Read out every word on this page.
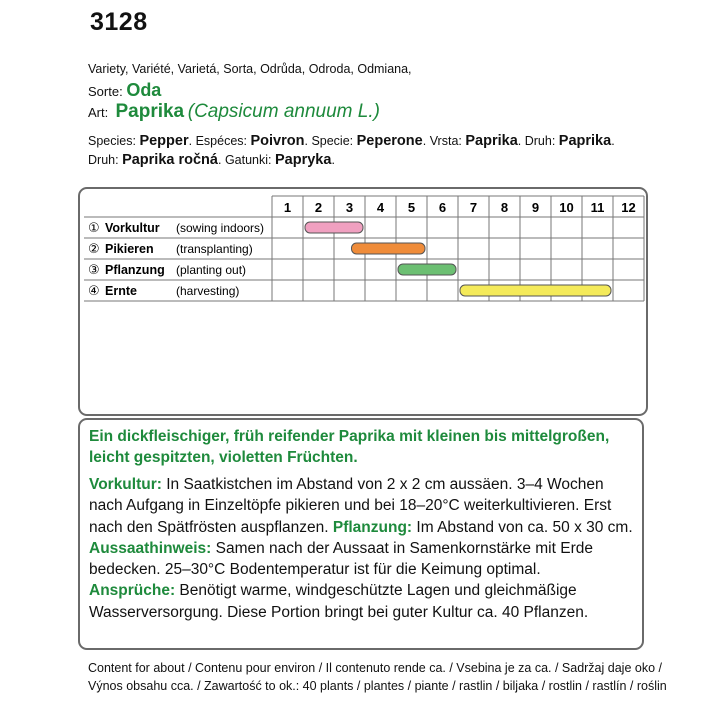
3128
Variety, Variété, Varietá, Sorta, Odrůda, Odroda, Odmiana,
Sorte: Oda
Art: Paprika (Capsicum annuum L.)
Species: Pepper. Espéces: Poivron. Specie: Peperone. Vrsta: Paprika. Druh: Paprika.
Druh: Paprika ročná. Gatunki: Papryka.
1 2 3 4 5 6 7 8 9 10 11 12
① Vorkultur (sowing indoors)
② Pikieren (transplanting)
③ Pflanzung (planting out)
④ Ernte	(harvesting)
Ein dickfleischiger, früh reifender Paprika mit kleinen bis mittelgroßen, leicht gespitzten, violetten Früchten.
Vorkultur: In Saatkistchen im Abstand von 2 x 2 cm aussäen. 3–4 Wochen nach Aufgang in Einzeltöpfe pikieren und bei 18–20°C weiterkultivieren. Erst nach den Spätfrösten auspflanzen. Pflanzung: Im Abstand von ca. 50 x 30 cm.
Aussaathinweis: Samen nach der Aussaat in Samenkornstärke mit Erde bedecken. 25–30°C Bodentemperatur ist für die Keimung optimal.
Ansprüche: Benötigt warme, windgeschützte Lagen und gleichmäßige Wasserversorgung. Diese Portion bringt bei guter Kultur ca. 40 Pflanzen.
Content for about / Contenu pour environ / Il contenuto rende ca. / Vsebina je za ca. / Sadržaj daje oko /
Výnos obsahu cca. / Zawartość to ok.: 40 plants / plantes / piante / rastlin / biljaka / rostlin / rastlín / roślin
